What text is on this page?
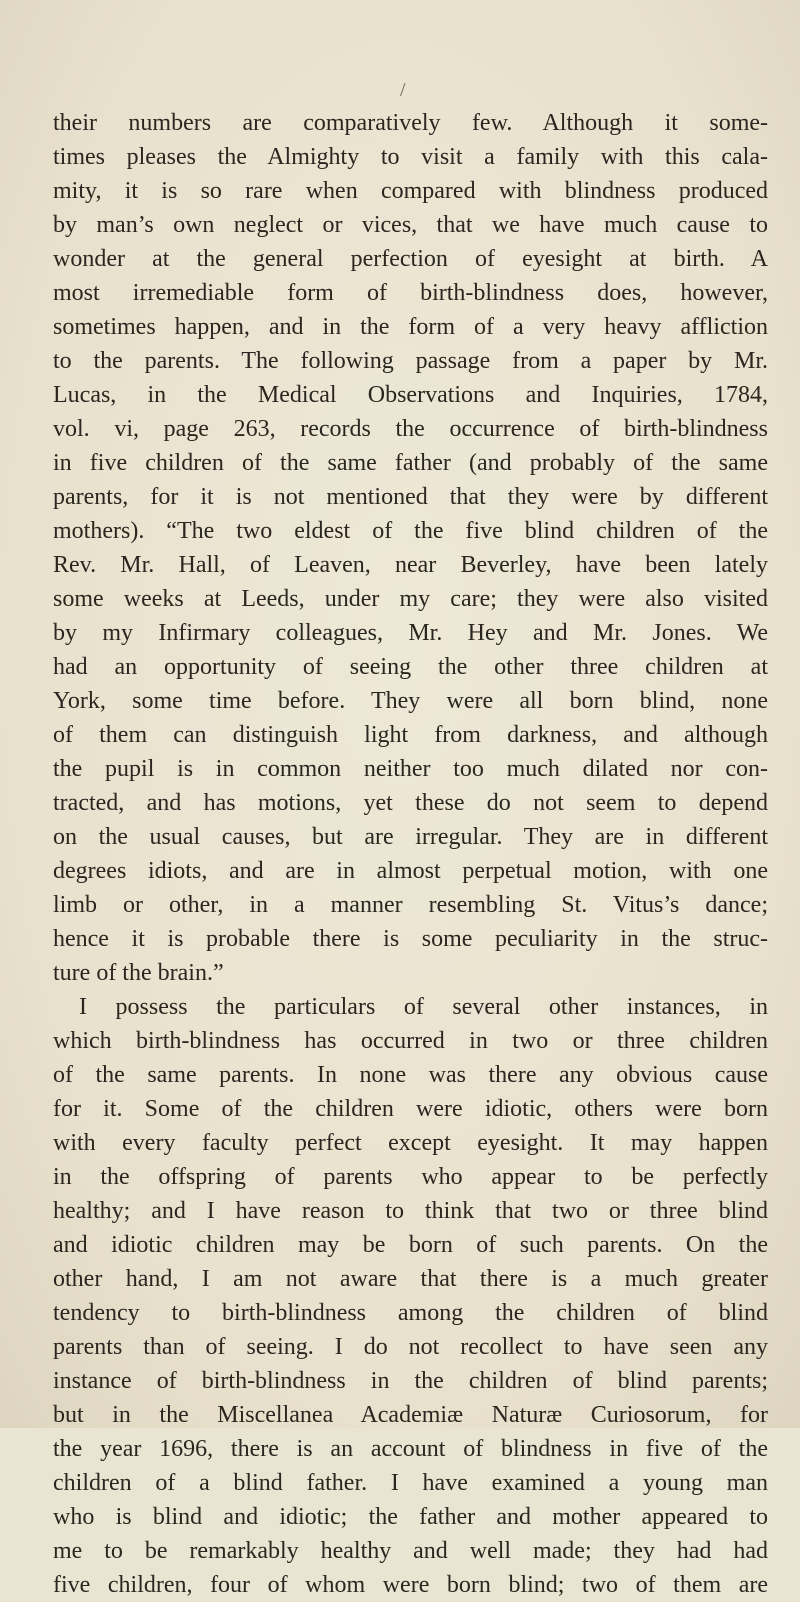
/
their numbers are comparatively few. Although it some-
times pleases the Almighty to visit a family with this cala-
mity, it is so rare when compared with blindness produced
by man’s own neglect or vices, that we have much cause to
wonder at the general perfection of eyesight at birth. A
most irremediable form of birth-blindness does, however,
sometimes happen, and in the form of a very heavy affliction
to the parents. The following passage from a paper by Mr.
Lucas, in the Medical Observations and Inquiries, 1784,
vol. vi, page 263, records the occurrence of birth-blindness
in five children of the same father (and probably of the same
parents, for it is not mentioned that they were by different
mothers). “The two eldest of the five blind children of the
Rev. Mr. Hall, of Leaven, near Beverley, have been lately
some weeks at Leeds, under my care; they were also visited
by my Infirmary colleagues, Mr. Hey and Mr. Jones. We
had an opportunity of seeing the other three children at
York, some time before. They were all born blind, none
of them can distinguish light from darkness, and although
the pupil is in common neither too much dilated nor con-
tracted, and has motions, yet these do not seem to depend
on the usual causes, but are irregular. They are in different
degrees idiots, and are in almost perpetual motion, with one
limb or other, in a manner resembling St. Vitus’s dance;
hence it is probable there is some peculiarity in the struc-
ture of the brain.”
I possess the particulars of several other instances, in
which birth-blindness has occurred in two or three children
of the same parents. In none was there any obvious cause
for it. Some of the children were idiotic, others were born
with every faculty perfect except eyesight. It may happen
in the offspring of parents who appear to be perfectly
healthy; and I have reason to think that two or three blind
and idiotic children may be born of such parents. On the
other hand, I am not aware that there is a much greater
tendency to birth-blindness among the children of blind
parents than of seeing. I do not recollect to have seen any
instance of birth-blindness in the children of blind parents;
but in the Miscellanea Academiæ Naturæ Curiosorum, for
the year 1696, there is an account of blindness in five of the
children of a blind father. I have examined a young man
who is blind and idiotic; the father and mother appeared to
me to be remarkably healthy and well made; they had had
five children, four of whom were born blind; two of them are
